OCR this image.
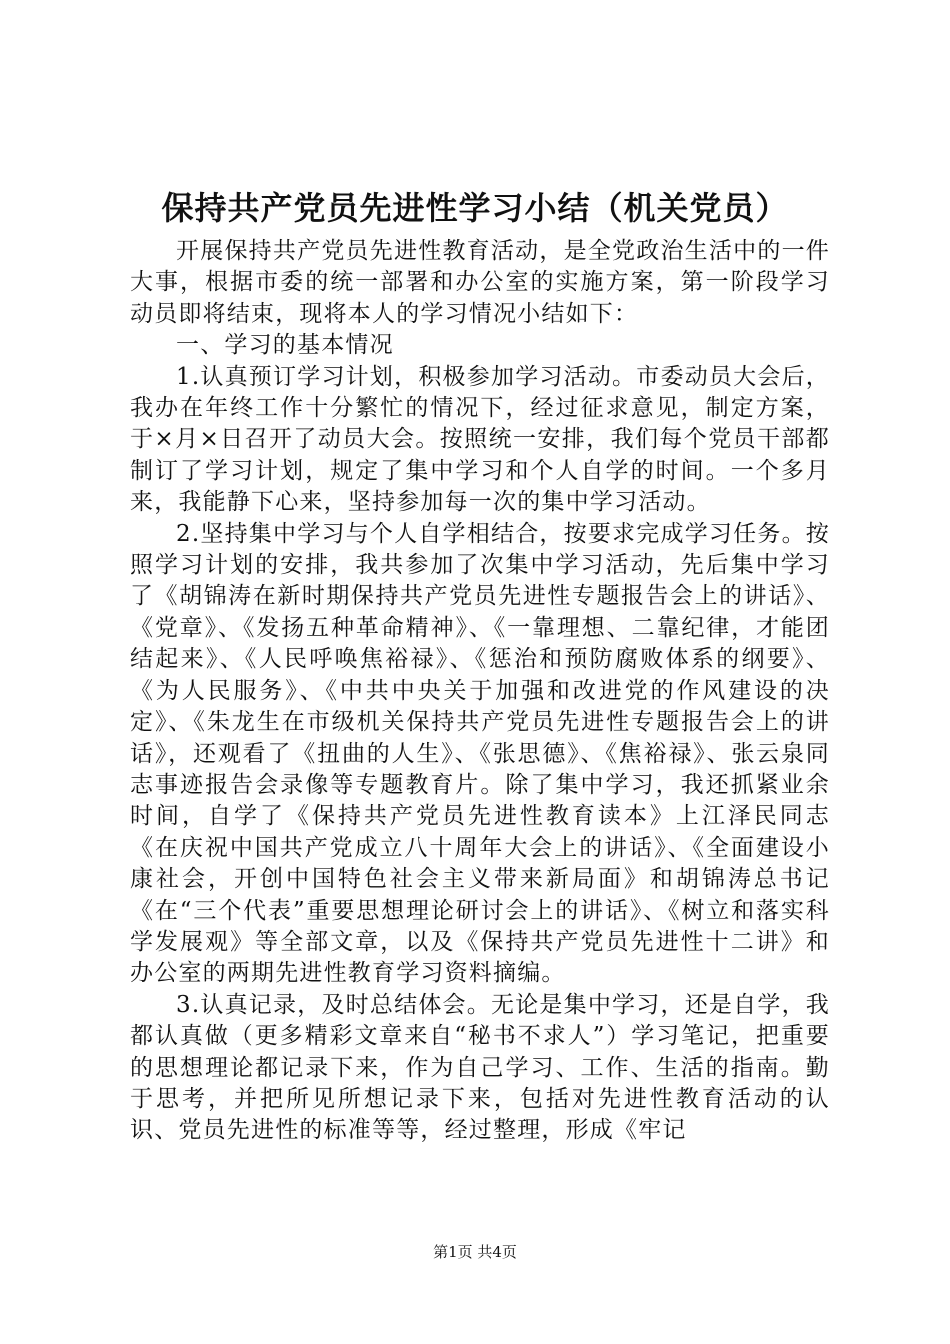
保持共产党员先进性学习小结（机关党员）

开展保持共产党员先进性教育活动，是全党政治生活中的一件大事，根据市委的统一部署和办公室的实施方案，第一阶段学习动员即将结束，现将本人的学习情况小结如下：

一、学习的基本情况

1.认真预订学习计划，积极参加学习活动。市委动员大会后，我办在年终工作十分繁忙的情况下，经过征求意见，制定方案，于×月×日召开了动员大会。按照统一安排，我们每个党员干部都制订了学习计划，规定了集中学习和个人自学的时间。一个多月来，我能静下心来，坚持参加每一次的集中学习活动。

2.坚持集中学习与个人自学相结合，按要求完成学习任务。按照学习计划的安排，我共参加了次集中学习活动，先后集中学习了《胡锦涛在新时期保持共产党员先进性专题报告会上的讲话》、《党章》、《发扬五种革命精神》、《一靠理想、二靠纪律，才能团结起来》、《人民呼唤焦裕禄》、《惩治和预防腐败体系的纲要》、《为人民服务》、《中共中央关于加强和改进党的作风建设的决定》、《朱龙生在市级机关保持共产党员先进性专题报告会上的讲话》，还观看了《扭曲的人生》、《张思德》、《焦裕禄》、张云泉同志事迹报告会录像等专题教育片。除了集中学习，我还抓紧业余时间，自学了《保持共产党员先进性教育读本》上江泽民同志《在庆祝中国共产党成立八十周年大会上的讲话》、《全面建设小康社会，开创中国特色社会主义带来新局面》和胡锦涛总书记《在“三个代表”重要思想理论研讨会上的讲话》、《树立和落实科学发展观》等全部文章，以及《保持共产党员先进性十二讲》和办公室的两期先进性教育学习资料摘编。

3.认真记录，及时总结体会。无论是集中学习，还是自学，我都认真做（更多精彩文章来自“秘书不求人”）学习笔记，把重要的思想理论都记录下来，作为自己学习、工作、生活的指南。勤于思考，并把所见所想记录下来，包括对先进性教育活动的认识、党员先进性的标准等等，经过整理，形成《牢记

第1页 共4页
